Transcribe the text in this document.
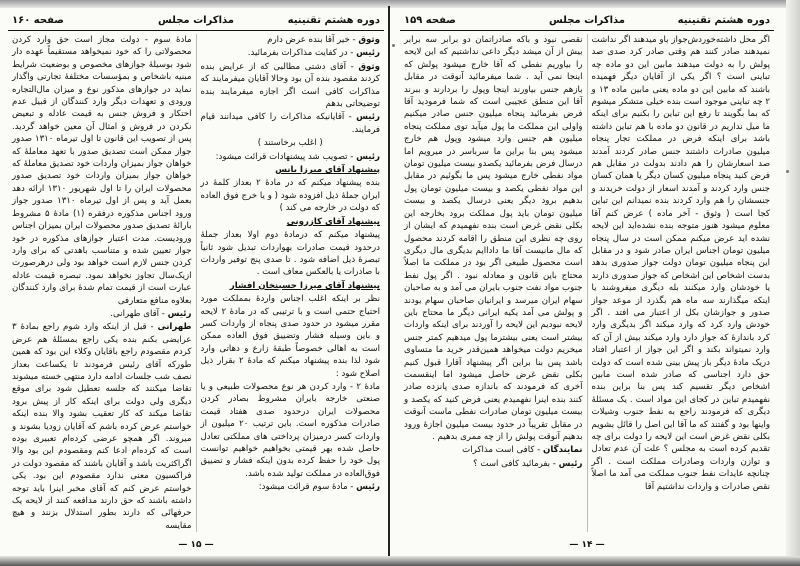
دوره هشتم تقنینیه
مذاکرات مجلس
صفحه ۱۶۰

وثوق - خیر آقا بنده عرض دارم

رئیس - در کفایت مذاکرات بفرمائید.

وثوق - آقای دشتی مطالبی که از عرایض بنده کردند مقصود بنده آن بود وحالا آقایان میفرمایند که مذاکرات کافی است اگر اجازه میفرمایند بنده توضیحاتی بدهم

رئیس - آقایانیکه مذاکرات را کافی میدانند قیام فرمایند.

( اغلب برخاستند )

رئیس - تصویب شد پیشنهادات قرائت میشود:

پیشنهاد آقای میرزا یانس

بنده پیشنهاد میکنم که در مادهٔ ۲ بعداز کلمهٔ در ایران جملهٔ ذیل افزوده شود ( و یا خرج فوق العاده که دولت در خارجه می کند )

پیشنهاد آقای کازرونی

پیشنهاد میکنم که درمادهٔ دوم اولا بعداز جملهٔ درحدود قیمت صادرات بهواردات تبدیل شود ثانیاً تبصرهٔ ذیل اضافه شود . تا صدی پنج توفیر واردات با صادرات یا بالعکس معاف است .

پیشنهاد آقای میرزا حسینخان افشار

نظر بر اینکه اغلب اجناس واردهٔ بمملکت مورد احتیاج حتمی است و با ترتیبی که در مادهٔ ۲ لایحه مقرر میشود در حدود صدی پنجاه از واردات کسر و باین وسیله فشار وتضییق فوق العاده ممکن است به اهالی خصوصاً طبقهٔ زارع و دهاتی وارد شود لذا بنده پیشنهاد میکنم که مادهٔ ۲ بقرار ذیل اصلاح شود :

مادهٔ ۲ - وارد کردن هر نوع محصولات طبیعی و یا صنعتی خارجه بایران مشروط بصادر کردن محصولات ایران درحدود صدی هفتاد قیمت صادرات مذکوره است. باین ترتیب ۲۰ میلیون از واردات کسر درمیزان پرداختی های مملکتی تعادل حاصل شده بهر قیمتی بخواهیم خواهیم توانست پول خود را حفظ کرده بدون اینکه فشار و تضییق فوق‌العاده در مملکت تولید شده باشد.

رئیس - مادهٔ سوم قرائت میشود:

مادهٔ سوم - دولت مجاز است حق وارد کردن محصولاتی را که خود نمیخواهد مستقیماً عهده دار شود بوسیلهٔ جوازهای مخصوص و بوضعیت شرایط مبنیه باشخاص و بمؤسسات مختلفهٔ تجارتی واگذار نماید در جوازهای مذکور نوع و میزان مال‌التجاره ورودی و تعهدات دیگر وارد کنندگان از قبیل عدم احتکار و فروش جنس به قیمت عادله و تبعیض نکردن در فروش و امثال آن معین خواهد گردید. پس از تصویب این قانون تا اول تیرماه ۱۳۱۰ صدور جواز ممکن است تصدیق صدور با تعهد معاملهٔ که خواهان جواز بمیزان واردات خود تصدیق معاملهٔ که خواهان جواز بمیزان واردات خود تصدیق صدور محصولات ایران را تا اول شهریور ۱۳۱۰ ارائه دهد بعمل آید و پس از اول تیرماه ۱۳۱۰ صدور جواز ورود اجناس مذکوره درفقره (۱) مادهٔ ۵ مشروط بارائهٔ تصدیق صدور محصولات ایران بمیزان اجناس ورودیست. مدت اعتبار جوازهای مذکوره در خود جواز تعیین شده و متناسب باهدتی که برای وارد کردن جنس لازم است خواهد بود ولی درهرصورت ازیک‌سال تجاوز نخواهد نمود. تبصره قیمت عادله عبارت است از قیمت تمام شدهٔ برای وارد کنندگان بعلاوه منافع متعارفی

رئیس - آقای طهرانی.

طهرانی - قبل از اینکه وارد شوم راجع بمادهٔ ۳ عرایضی بکنم بنده یکی راجع بمسئلهٔ هم عرض کردم مقصودم راجع باقایان وکلاء این بود که همین طورکه آقای رئیس فرمودند تا یکساعت بعداز نصف شب جلسات ادامه دارد منتهی خسته میشوند تقاضا میکنند که جلسه تعطیل شود برای موقع دیگری ولی دولت برای اینکه کار از پیش برود تقاضا میکند که کار تعقیب بشود والا بنده اینکه خواستم عرض کرده باشم که آقایان زودیا بشوند و میروند. اگر همچو عرضی کرده‌ام تعبیری بوده است که کرده‌ام ادعا کنم ومقصودم این بود والا اگراکثریت باشد و آقایان باشند که مقصود دولت در فراکسیون معنی ندارد مقصودم این بود. یکی خواستم عرض کنم که آقای مخبر اینرا باید توجه داشته باشند که حق دارند مدافعه کنند از لایحه یک حرفهائی که دارند بطور استدلال بزنند و هیچ مقایسه

— ۱۵ —
دوره هشتم تقنینیه
مذاکرات مجلس
صفحه ۱۵۹

اگر محل داشته‌خوردش‌جواز باو میدهند اگر نداشت نمیدهند صادر کنند هم وقتی صادر کرد صدی صد پولش را به دولت میدهند مابین این دو ماده چه تباینی است ؟ اگر یکی از آقایان دیگر فهمیده باشند که مابین این دو ماده یعنی مابین ماده ۱۳ و ۲ چه تباینی موجود است بنده خیلی متشکر میشوم که بما بگویند تا رفع این تباین را بکنیم برای اینکه ما میل نداریم در قانون دو ماده با هم تباین داشته باشد برای اینکه فرض در مملکت تجار پنجاه میلیون صادرات داشتند جنس صادر کردند آمدند صد اسعارشان را هم دادند بدولت در مقابل هم فرض کنید پنجاه میلیون کسان دیگر یا همان کسان جنس وارد کردند و آمدند اسعار از دولت خریدند و جنسشان را هم وارد کردند بنده نمیدانم این تباین کجا است ( وثوق - آخر ماده ) عرض کنم آقا معلوم میشود هنوز متوجه بنده نشده‌اید این لایحه نشده اید عرض میکنم ممکن است در سال پنجاه میلیون تومان اجناس ایران صادر شود و در مقابل این پنجاه میلیون تومان دولت جواز صدوری بدهد بدست اشخاص این اشخاص که جواز صدوری دارند یا خودشان وارد میکنند بله دیگری میفروشند یا اینکه میگذارند سه ماه هم بگذرد از موعد جواز صدور و جوازشان بکل از اعتبار می افتد . اگر خودش وارد کرد که وارد میکند اگر بدیگری وارد کرد باندازهٔ که جواز دارد وارد میکند بیش از آن که وارد نمیتواند بکند و اگر این جواز از اعتبار افتاد دریک مادهٔ دیگر باز پیش بینی شده است که دولت حق دارد اجناسی که صادر شده است مابین اشخاص دیگر تقسیم کند پس بنا براین بنده نفهمیدم تباین در کجای این مواد است . یک مسئلهٔ دیگری که فرمودند راجع به نفط جنوب وشیلات واینها بود و گفتند که ما آقا این اصل را قائل بشویم بکلی نقض غرض است این لایحه را دولت برای چه تقدیم کرده است به مجلس ؟ علت آن عدم تعادل و توازن واردات وصادرات مملکت است . اگر چنانچه عایدات نفط جنوب مملکت می آمد ما اصلاً نقص صادرات و واردات نداشتیم آقا

نقصی نبود و باکه صادراتمان دو برابر سه برابر بیش از آن میشد دیگر داعی نداشتیم که این لایحه را بیاوریم نفطی که آقا خارج میشود پولش که اینجا نمی آید . شما میفرمائید آنوقت در مقابل بازهم جنس بیاورند اینجا وپول را بردارند و ببرند آقا این منطق عجیبی است که شما فرمودید آقا فرض بفرمائید پنجاه میلیون جنس صادر میکنیم واولی این مملکت ما پول میآید توی مملکت پنجاه میلیون هم جنس وارد میشود وپول هم خارج میشود پس بنا براین ما سرباسر در میرویم اما درسال فرض بفرمائید یکصدو بیست میلیون تومان مواد نفطی خارج میشود پس ما بگوئیم در مقابل این مواد نفطی یکصد و بیست میلیون تومان پول بدهیم برود دیگر یعنی درسال یکصد و بیست میلیون تومان باید پول مملکت برود بخارجه این بکلی نقض غرض است بنده نفهمیدم که ایشان از روی چه نظری این منطق را اقامه کردند محصول که مال مانیست آقا ما داداایم بدیگری مال دیگری است محصول طبیعی اگر بود در مملکت ما اصلاً محتاج باین قانون و معادله نبود . اگر پول نفط جنوب مواد نفت جنوب بایران می آمد و به صاحبان سهام ایران میرسد و ایرانیان صاحبان سهام بودند و پولش می آمد یکیه ایرانی دیگر ما محتاج باین لایحه نبودیم این لایحه را آوردند برای اینکه واردات بیشتر است یعنی بیشترما پول میدهیم کمتر جنس میخریم دولت میخواهد همین‌قدر خرید ما متساوی باشد پس بنا براین اگر پیشنهاد آقارا قبول کنیم بکلی نقض غرض حاصل میشود اما اینقسمت آخری که فرمودند که باندازه صدی پانزده صادر کنند بنده اینرا نفهمیدم یعنی فرض کنید که یکصد و بیست میلیون تومان صادرات نفطی ماست آنوقت در مقابل تقریباً در حدود بیست میلیون اجازهٔ ورود بدهیم آنوقت پولش را از چه ممری بدهیم .

نمایندگان - کافی است مذاکرات

رئیس - بفرمائید کافی است ؟

— ۱۴ —
